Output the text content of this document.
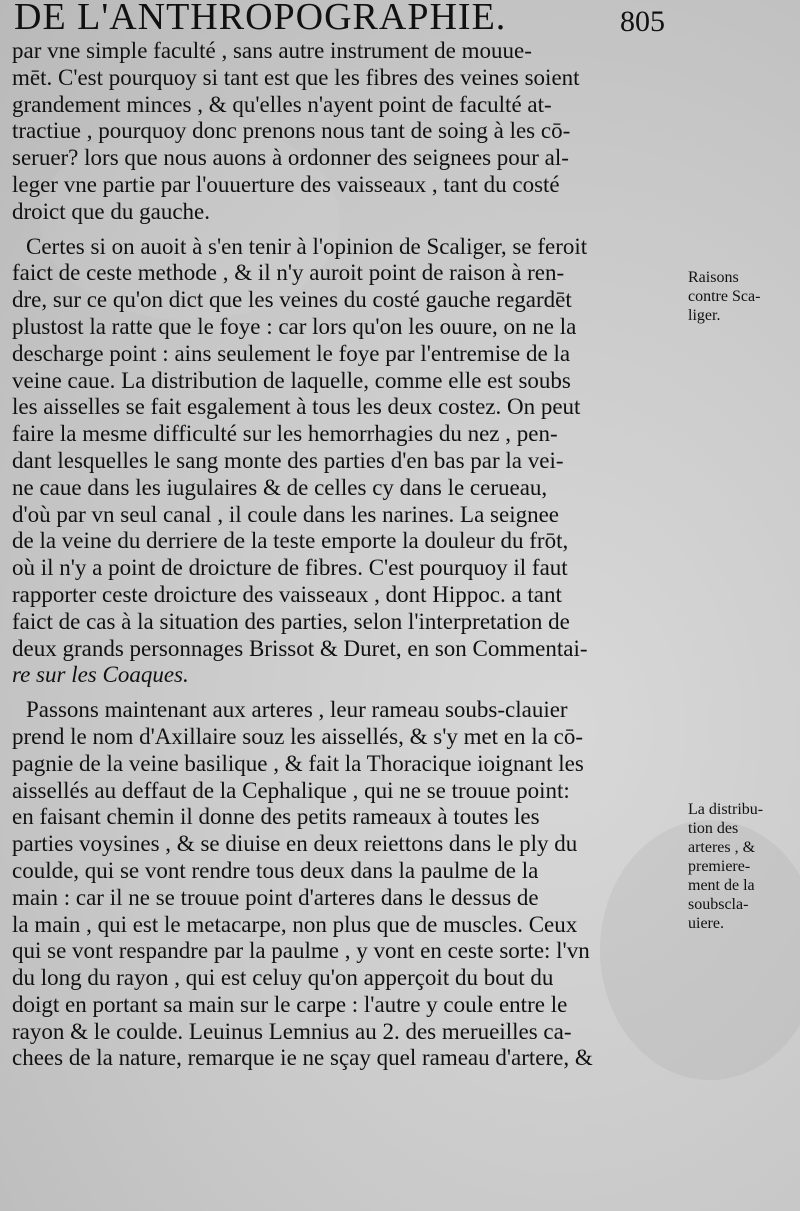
DE L'ANTHROPOGRAPHIE.	805
par vne simple faculté , sans autre instrument de mouue-
mēt. C'est pourquoy si tant est que les fibres des veines soient
grandement minces , & qu'elles n'ayent point de faculté at-
tractiue , pourquoy donc prenons nous tant de soing à les cō-
seruer? lors que nous auons à ordonner des seignees pour al-
leger vne partie par l'ouuerture des vaisseaux , tant du costé
droict que du gauche.
Certes si on auoit à s'en tenir à l'opinion de Scaliger, se feroit
faict de ceste methode , & il n'y auroit point de raison à ren-
dre, sur ce qu'on dict que les veines du costé gauche regardēt
plustost la ratte que le foye : car lors qu'on les ouure, on ne la
descharge point : ains seulement le foye par l'entremise de la
veine caue. La distribution de laquelle, comme elle est soubs
les aisselles se fait esgalement à tous les deux costez. On peut
faire la mesme difficulté sur les hemorrhagies du nez , pen-
dant lesquelles le sang monte des parties d'en bas par la vei-
ne caue dans les iugulaires & de celles cy dans le cerueau,
d'où par vn seul canal , il coule dans les narines. La seignee
de la veine du derriere de la teste emporte la douleur du frōt,
où il n'y a point de droicture de fibres. C'est pourquoy il faut
rapporter ceste droicture des vaisseaux , dont Hippoc. a tant
faict de cas à la situation des parties, selon l'interpretation de
deux grands personnages Brissot & Duret, en son Commentai-
re sur les Coaques.
Passons maintenant aux arteres , leur rameau soubs-clauier
prend le nom d'Axillaire souz les aissellés, & s'y met en la cō-
pagnie de la veine basilique , & fait la Thoracique ioignant les
aissellés au deffaut de la Cephalique , qui ne se trouue point:
en faisant chemin il donne des petits rameaux à toutes les
parties voysines , & se diuise en deux reiettons dans le ply du
coulde, qui se vont rendre tous deux dans la paulme de la
main : car il ne se trouue point d'arteres dans le dessus de
la main , qui est le metacarpe, non plus que de muscles. Ceux
qui se vont respandre par la paulme , y vont en ceste sorte: l'vn
du long du rayon , qui est celuy qu'on apperçoit du bout du
doigt en portant sa main sur le carpe : l'autre y coule entre le
rayon & le coulde. Leuinus Lemnius au 2. des merueilles ca-
chees de la nature, remarque ie ne sçay quel rameau d'artere, &
Raisons
contre Sca-
liger.
La distribu-
tion des
arteres , &
premiere-
ment de la
soubscla-
uiere.
